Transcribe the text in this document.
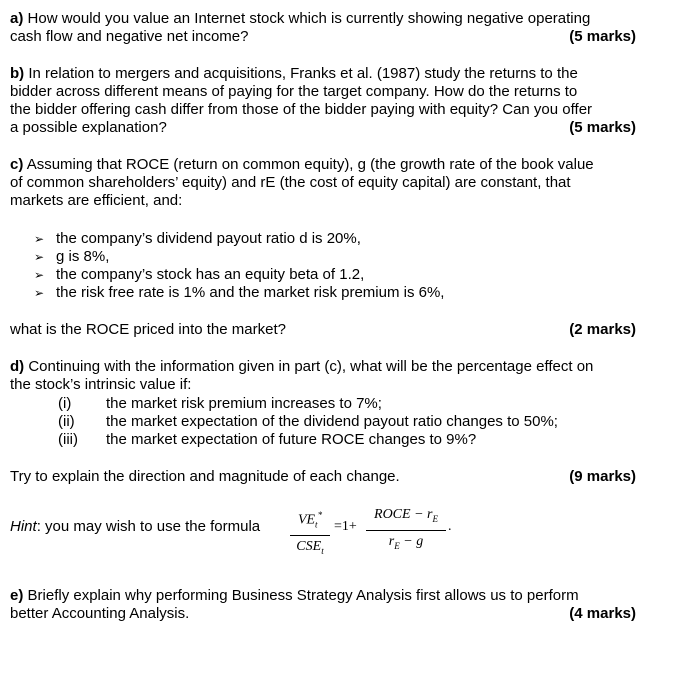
a) How would you value an Internet stock which is currently showing negative operating
cash flow and negative net income?	(5 marks)
b) In relation to mergers and acquisitions, Franks et al. (1987) study the returns to the
bidder across different means of paying for the target company. How do the returns to
the bidder offering cash differ from those of the bidder paying with equity? Can you offer
a possible explanation?	(5 marks)
c) Assuming that ROCE (return on common equity), g (the growth rate of the book value
of common shareholders’ equity) and rE (the cost of equity capital) are constant, that
markets are efficient, and:
➢ the company’s dividend payout ratio d is 20%,
➢ g is 8%,
➢ the company’s stock has an equity beta of 1.2,
➢ the risk free rate is 1% and the market risk premium is 6%,
what is the ROCE priced into the market?	(2 marks)
d) Continuing with the information given in part (c), what will be the percentage effect on
the stock’s intrinsic value if:
(i) the market risk premium increases to 7%;
(ii) the market expectation of the dividend payout ratio changes to 50%;
(iii) the market expectation of future ROCE changes to 9%?
Try to explain the direction and magnitude of each change.	(9 marks)
Hint: you may wish to use the formula	$VE_t^*$
$CSE_t$
=1+
ROCE − $r_E$
$r_E - g$
.
e) Briefly explain why performing Business Strategy Analysis first allows us to perform
better Accounting Analysis.	(4 marks)
